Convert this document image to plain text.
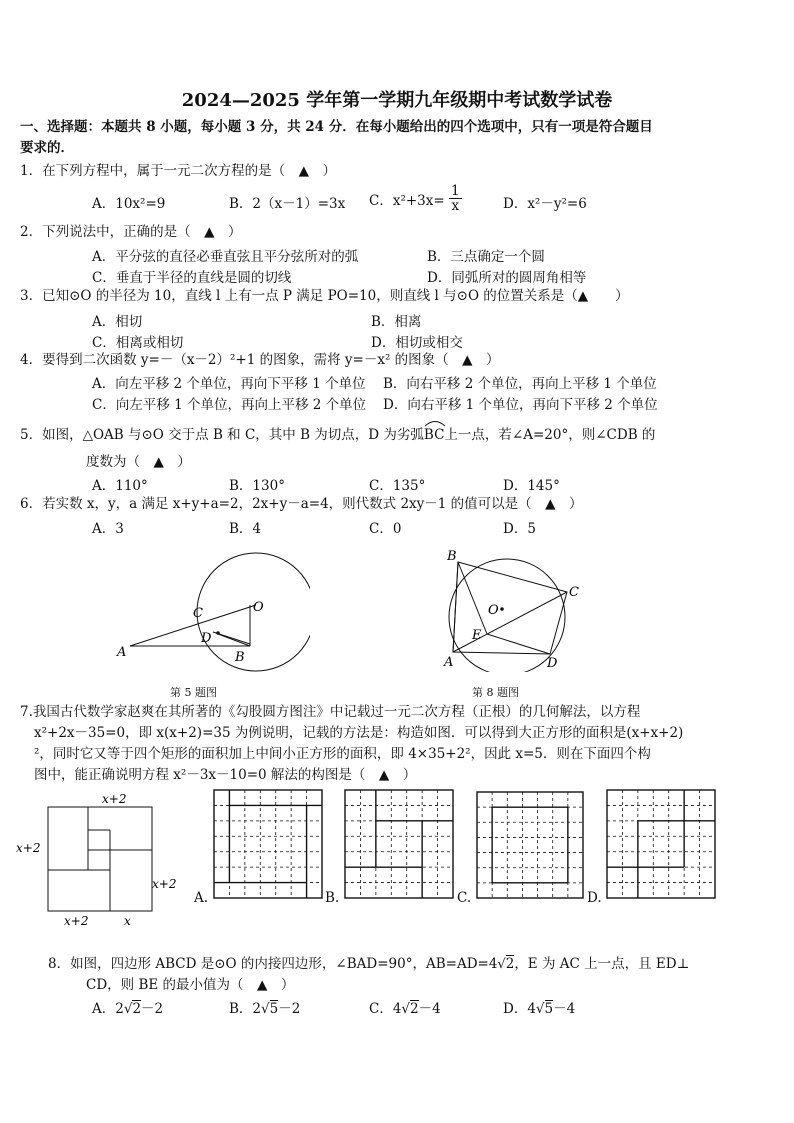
2024—2025 学年第一学期九年级期中考试数学试卷
一、选择题：本题共 8 小题，每小题 3 分，共 24 分．在每小题给出的四个选项中，只有一项是符合题目
要求的．
1．在下列方程中，属于一元二次方程的是（　▲　）
A．10x²=9	B．2（x－1）=3x C．$x^2+3x= \frac{1}{x}$	D．x²－y²=6
2．下列说法中，正确的是（　▲　）
A．平分弦的直径必垂直弦且平分弦所对的弧	B．三点确定一个圆
C．垂直于半径的直线是圆的切线	D．同弧所对的圆周角相等
3．已知⊙O 的半径为 10，直线 l 上有一点 P 满足 PO=10，则直线 l 与⊙O 的位置关系是（▲　　）
A．相切	B．相离
C．相离或相切	D．相切或相交
4．要得到二次函数 y=－（x－2）²+1 的图象，需将 y=－x² 的图象（　▲　）
A．向左平移 2 个单位，再向下平移 1 个单位 B．向右平移 2 个单位，再向上平移 1 个单位
C．向左平移 1 个单位，再向上平移 2 个单位 D．向右平移 1 个单位，再向下平移 2 个单位
5．如图，△OAB 与⊙O 交于点 B 和 C，其中 B 为切点，D 为劣弧
BC上一点，若∠A=20°，则∠CDB 的
度数为（　▲　）
A．110°	B．130°	C．135°	D．145°
6．若实数 x，y，a 满足 x+y+a=2，2x+y－a=4，则代数式 2xy－1 的值可以是（　▲　）
A．3	B．4	C．0	D．5
O
C
D
A	B
第 5 题图
B
C
O
E
A	D
第 8 题图
7.我国古代数学家赵爽在其所著的《勾股圆方图注》中记载过一元二次方程（正根）的几何解法，以方程
x²+2x－35=0，即 x(x+2)=35 为例说明，记载的方法是：构造如图．可以得到大正方形的面积是(x+x+2)
²，同时它又等于四个矩形的面积加上中间小正方形的面积，即 4×35+2²，因此 x=5．则在下面四个构
图中，能正确说明方程 x²－3x－10=0 解法的构图是（　▲　）
x+2
x+2
x+2
x+2	x
A.	B.	C.	D.
8．如图，四边形 ABCD 是⊙O 的内接四边形，∠BAD=90°，AB=AD=4√2，E 为 AC 上一点，且 ED⊥
CD，则 BE 的最小值为（　▲　）
A．2√2－2	B．2√5－2	C．4√2－4	D．4√5－4
